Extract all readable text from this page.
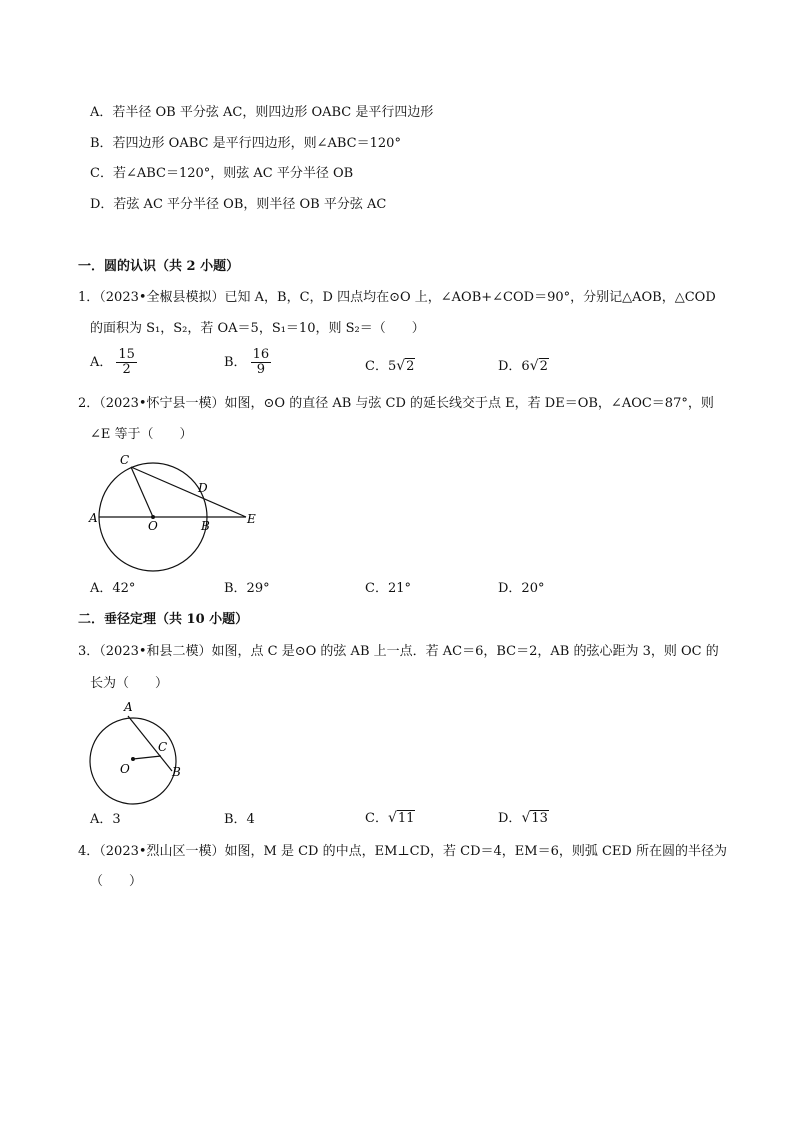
A．若半径 OB 平分弦 AC，则四边形 OABC 是平行四边形
B．若四边形 OABC 是平行四边形，则∠ABC＝120°
C．若∠ABC＝120°，则弦 AC 平分半径 OB
D．若弦 AC 平分半径 OB，则半径 OB 平分弦 AC
一．圆的认识（共 2 小题）
1．（2023•全椒县模拟）已知 A，B，C，D 四点均在⊙O 上，∠AOB+∠COD＝90°，分别记△AOB，△COD
的面积为 S₁，S₂，若 OA＝5，S₁＝10，则 S₂＝（　　）
A． $\frac{15}{2}$	B． $\frac{16}{9}$	C．5√2	D．6√2
2．（2023•怀宁县一模）如图，⊙O 的直径 AB 与弦 CD 的延长线交于点 E，若 DE＝OB，∠AOC＝87°，则
∠E 等于（　　）
C
D
A
O	B	E
A．42°	B．29°	C．21°	D．20°
二．垂径定理（共 10 小题）
3．（2023•和县二模）如图，点 C 是⊙O 的弦 AB 上一点．若 AC＝6，BC＝2，AB 的弦心距为 3，则 OC 的
长为（　　）
A
C
O	B
A．3	B．4	C．√11	D．√13
4．（2023•烈山区一模）如图，M 是 CD 的中点，EM⊥CD，若 CD＝4，EM＝6，则弧 CED 所在圆的半径为
（　　）
